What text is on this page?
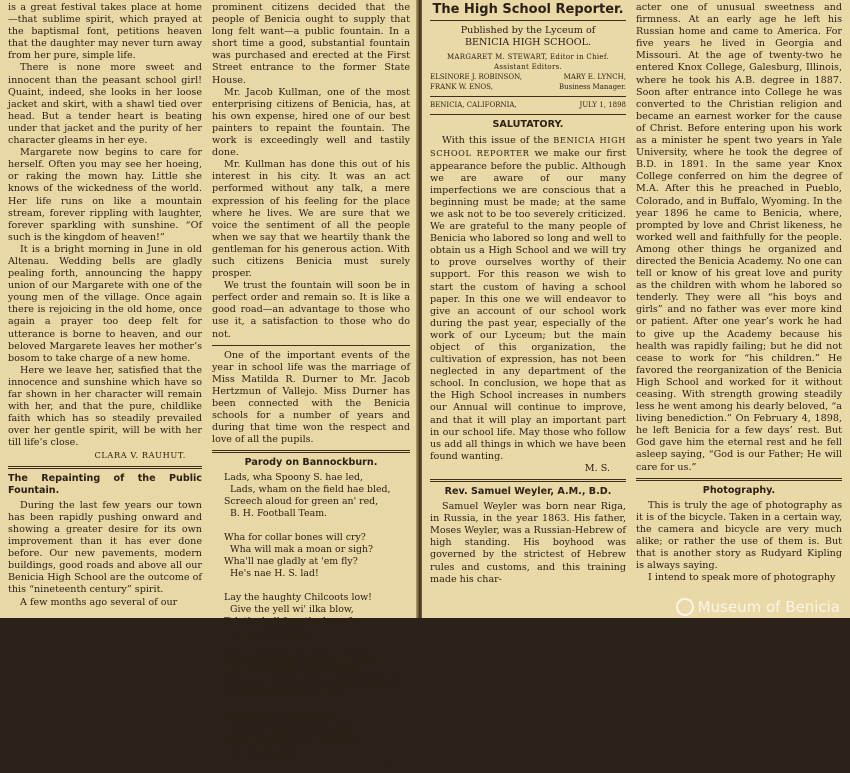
is a great festival takes place at home—that sublime spirit, which prayed at the baptismal font, petitions heaven that the daughter may never turn away from her pure, simple life.

There is none more sweet and innocent than the peasant school girl! Quaint, indeed, she looks in her loose jacket and skirt, with a shawl tied over head. But a tender heart is beating under that jacket and the purity of her character gleams in her eye.

Margarete now begins to care for herself. Often you may see her hoeing, or raking the mown hay. Little she knows of the wickedness of the world. Her life runs on like a mountain stream, forever rippling with laughter, forever sparkling with sunshine. “Of such is the kingdom of heaven!”

It is a bright morning in June in old Altenau. Wedding bells are gladly pealing forth, announcing the happy union of our Margarete with one of the young men of the village. Once again there is rejoicing in the old home, once again a prayer too deep felt for utterance is borne to heaven, and our beloved Margarete leaves her mother’s bosom to take charge of a new home.

Here we leave her, satisfied that the innocence and sunshine which have so far shown in her character will remain with her, and that the pure, childlike faith which has so steadily prevailed over her gentle spirit, will be with her till life’s close.

CLARA V. RAUHUT.
The Repainting of the Public Fountain.

During the last few years our town has been rapidly pushing onward and showing a greater desire for its own improvement than it has ever done before. Our new pavements, modern buildings, good roads and above all our Benicia High School are the outcome of this “nineteenth century” spirit.

A few months ago several of our

prominent citizens decided that the people of Benicia ought to supply that long felt want—a public fountain. In a short time a good, substantial fountain was purchased and erected at the First Street entrance to the former State House.

Mr. Jacob Kullman, one of the most enterprising citizens of Benicia, has, at his own expense, hired one of our best painters to repaint the fountain. The work is exceedingly well and tastily done.

Mr. Kullman has done this out of his interest in his city. It was an act performed without any talk, a mere expression of his feeling for the place where he lives. We are sure that we voice the sentiment of all the people when we say that we heartily thank the gentleman for his generous action. With such citizens Benicia must surely prosper.

We trust the fountain will soon be in perfect order and remain so. It is like a good road—an advantage to those who use it, a satisfaction to those who do not.

One of the important events of the year in school life was the marriage of Miss Matilda R. Durner to Mr. Jacob Hertzmun of Vallejo. Miss Durner has been connected with the Benicia schools for a number of years and during that time won the respect and love of all the pupils.

Parody on Bannockburn.
Lads, wha Spoony S. hae led,
Lads, wham on the field hae bled,
Screech aloud for green an' red,
B. H. Football Team.

Wha for collar bones will cry?
Wha will mak a moan or sigh?
Wha'll nae gladly at 'em fly?
He's nae H. S. lad!

Lay the haughty Chilcoots low!
Give the yell wi' ilka blow,
Tak the ball frae the base foe,
Let us do or die!

Now's the day an' now's the hour!
Let us all their noses scour,
Show our strength an' use our power,
Mak them turn an' flee!

By the valor of our band,
For the honor of our land,
We will grind 'em i' the sand!
On to victorie!
E. J. R.
The High School Reporter.
Published by the Lyceum of
BENICIA HIGH SCHOOL.
MARGARET M. STEWART, Editor in Chief.
Assistant Editors.
ELSINORE J. ROBINSON,	MARY E. LYNCH,
FRANK W. ENOS,	Business Manager.
BENICIA, CALIFORNIA,	JULY 1, 1898
SALUTATORY.

With this issue of the BENICIA HIGH SCHOOL REPORTER we make our first appearance before the public. Although we are aware of our many imperfections we are conscious that a beginning must be made; at the same we ask not to be too severely criticized. We are grateful to the many people of Benicia who labored so long and well to obtain us a High School and we will try to prove ourselves worthy of their support. For this reason we wish to start the custom of having a school paper. In this one we will endeavor to give an account of our school work during the past year, especially of the work of our Lyceum; but the main object of this organization, the cultivation of expression, has not been neglected in any department of the school. In conclusion, we hope that as the High School increases in numbers our Annual will continue to improve, and that it will play an important part in our school life. May those who follow us add all things in which we have been found wanting.

M. S.
Rev. Samuel Weyler, A.M., B.D.

Samuel Weyler was born near Riga, in Russia, in the year 1863. His father, Moses Weyler, was a Russian-Hebrew of high standing. His boyhood was governed by the strictest of Hebrew rules and customs, and this training made his char-

acter one of unusual sweetness and firmness. At an early age he left his Russian home and came to America. For five years he lived in Georgia and Missouri. At the age of twenty-two he entered Knox College, Galesburg, Illinois, where he took his A.B. degree in 1887. Soon after entrance into College he was converted to the Christian religion and became an earnest worker for the cause of Christ. Before entering upon his work as a minister he spent two years in Yale University, where he took the degree of B.D. in 1891. In the same year Knox College conferred on him the degree of M.A. After this he preached in Pueblo, Colorado, and in Buffalo, Wyoming. In the year 1896 he came to Benicia, where, prompted by love and Christ likeness, he worked well and faithfully for the people. Among other things he organized and directed the Benicia Academy. No one can tell or know of his great love and purity as the children with whom he labored so tenderly. They were all “his boys and girls” and no father was ever more kind or patient. After one year’s work he had to give up the Academy because his health was rapidly failing; but he did not cease to work for “his children.” He favored the reorganization of the Benicia High School and worked for it without ceasing. With strength growing steadily less he went among his dearly beloved, “a living benediction.” On February 4, 1898, he left Benicia for a few days’ rest. But God gave him the eternal rest and he fell asleep saying, “God is our Father; He will care for us.”

Photography.

This is truly the age of photography as it is of the bicycle. Taken in a certain way, the camera and bicycle are very much alike; or rather the use of them is. But that is another story as Rudyard Kipling is always saying.

I intend to speak more of photography

Museum of Benicia
